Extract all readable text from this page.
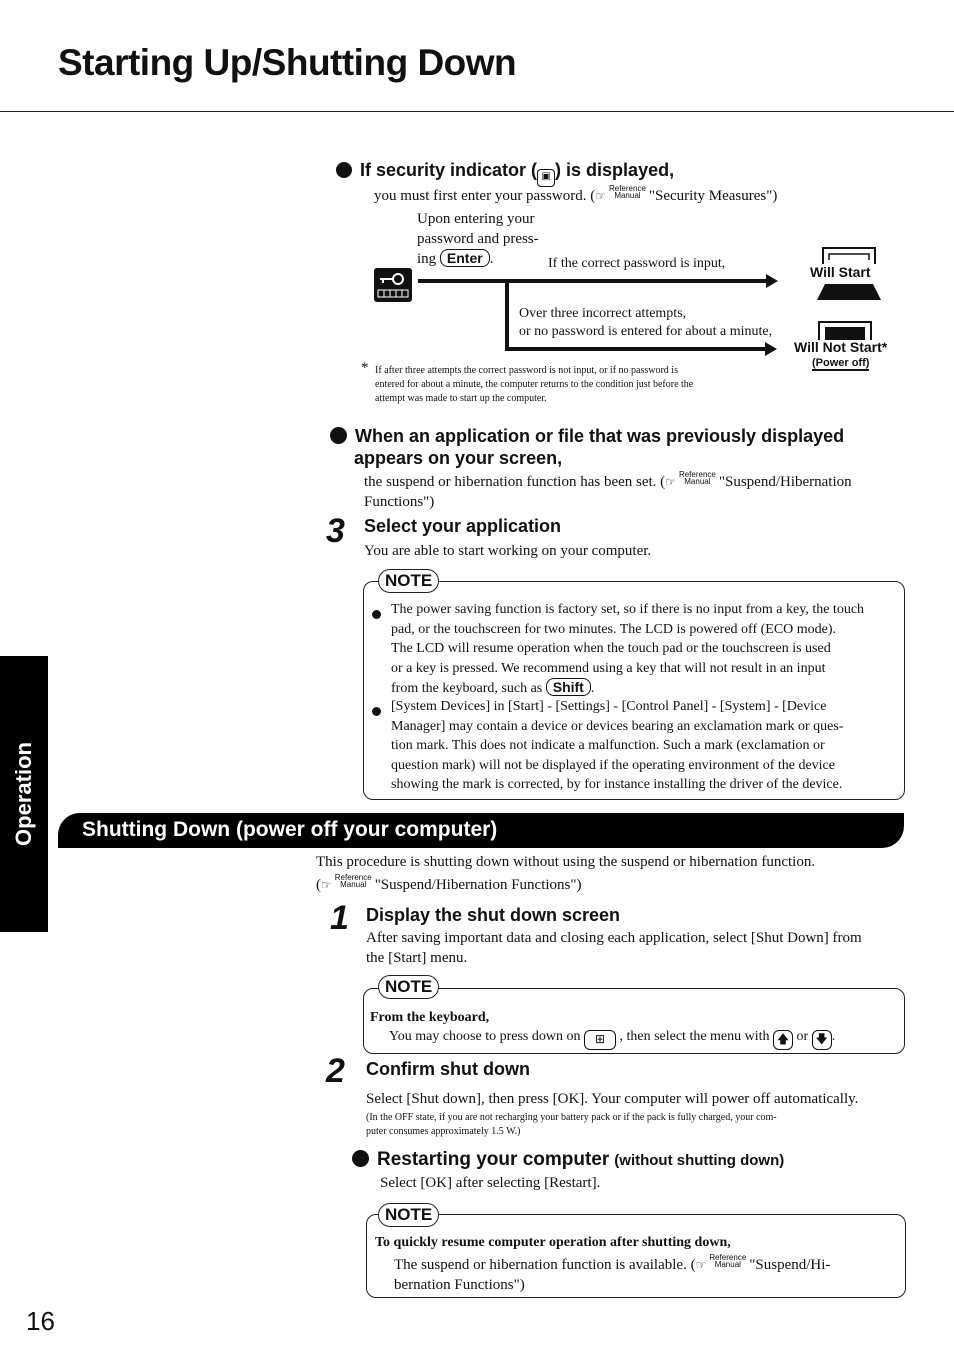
Starting Up/Shutting Down
If security indicator ( ▣ ) is displayed,
you must first enter your password. (☞Reference
Manual "Security Measures")
Upon entering your
password and press-
ing Enter .	If the correct password is input,
Over three incorrect attempts,
or no password is entered for about a minute,
Will Start
Will Not Start*
(Power off)
* If after three attempts the correct password is not input, or if no password is
entered for about a minute, the computer returns to the condition just before the
attempt was made to start up the computer.
When an application or file that was previously displayed
appears on your screen,
the suspend or hibernation function has been set. (☞Reference
Manual "Suspend/Hibernation
Functions")
3 Select your application
You are able to start working on your computer.
NOTE
The power saving function is factory set, so if there is no input from a key, the touch
pad, or the touchscreen for two minutes. The LCD is powered off (ECO mode).
The LCD will resume operation when the touch pad or the touchscreen is used
or a key is pressed. We recommend using a key that will not result in an input
from the keyboard, such as Shift .
[System Devices] in [Start] - [Settings] - [Control Panel] - [System] - [Device
Manager] may contain a device or devices bearing an exclamation mark or ques-
tion mark. This does not indicate a malfunction. Such a mark (exclamation or
question mark) will not be displayed if the operating environment of the device
showing the mark is corrected, by for instance installing the driver of the device.
Operation Shutting Down (power off your computer)
This procedure is shutting down without using the suspend or hibernation function.
(☞Reference
Manual "Suspend/Hibernation Functions")
1 Display the shut down screen
After saving important data and closing each application, select [Shut Down] from
the [Start] menu.
NOTE
From the keyboard,
You may choose to press down on ⊞ , then select the menu with 🡅 or 🡇 .
2 Confirm shut down
Select [Shut down], then press [OK]. Your computer will power off automatically.
(In the OFF state, if you are not recharging your battery pack or if the pack is fully charged, your com-
puter consumes approximately 1.5 W.)
Restarting your computer (without shutting down)
Select [OK] after selecting [Restart].
NOTE
To quickly resume computer operation after shutting down,
The suspend or hibernation function is available. (☞Reference
Manual "Suspend/Hi-
bernation Functions")
16
